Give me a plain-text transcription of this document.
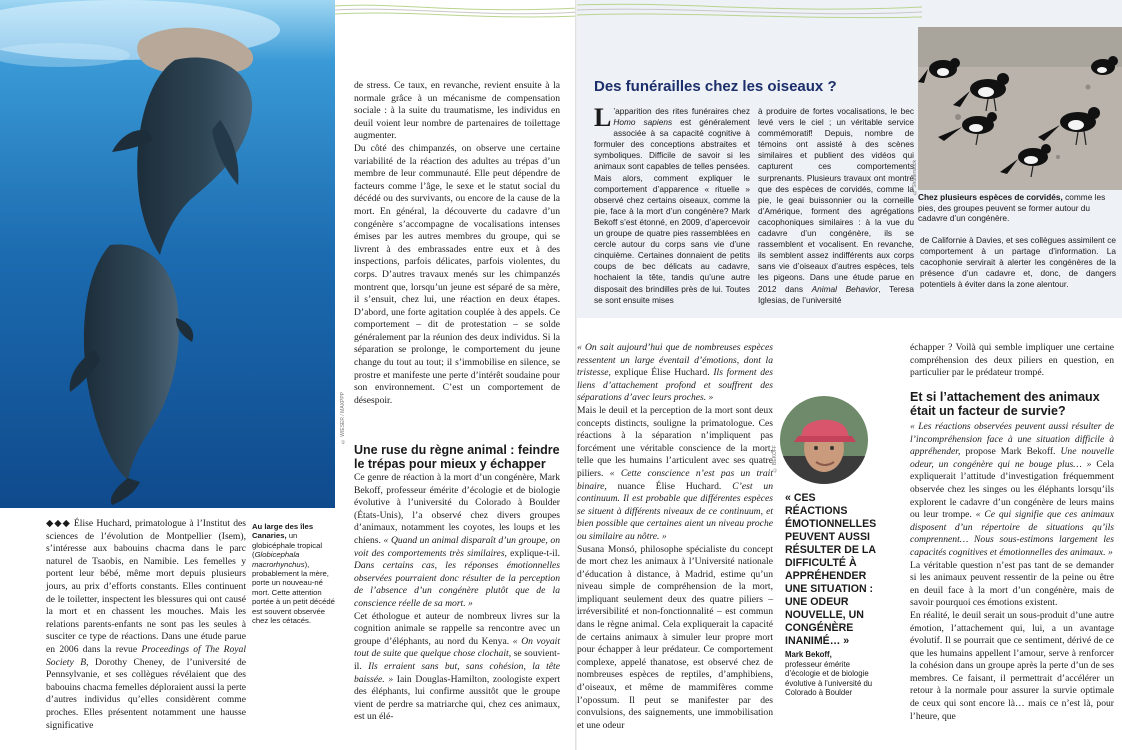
© WIESER / MAXPPP
Des funérailles chez les oiseaux ?
L ’apparition des rites funéraires chez Homo sapiens est généralement associée à sa capacité cognitive à formuler des conceptions abstraites et symboliques. Difficile de savoir si les animaux sont capables de telles pensées. Mais alors, comment expliquer le comportement d’apparence « rituelle » observé chez certains oiseaux, comme la pie, face à la mort d’un congénère? Mark Bekoff s’est étonné, en 2009, d’apercevoir un groupe de quatre pies rassemblées en cercle autour du corps sans vie d’une cinquième. Certaines donnaient de petits coups de bec délicats au cadavre, hochaient la tête, tandis qu’une autre disposait des brindilles près de lui. Toutes se sont ensuite mises
à produire de fortes vocalisations, le bec levé vers le ciel ; un véritable service commémoratif! Depuis, nombre de témoins ont assisté à des scènes similaires et publient des vidéos qui capturent ces comportements surprenants. Plusieurs travaux ont montré que des espèces de corvidés, comme la pie, le geai buissonnier ou la corneille d’Amérique, forment des agrégations cacophoniques similaires : à la vue du cadavre d’un congénère, ils se rassemblent et vocalisent. En revanche, ils semblent assez indifférents aux corps sans vie d’oiseaux d’autres espèces, tels les pigeons. Dans une étude parue en 2012 dans Animal Behavior, Teresa Iglesias, de l’université
© Shutterstock
Chez plusieurs espèces de corvidés, comme les pies, des groupes peuvent se former autour du cadavre d’un congénère.
de Californie à Davies, et ses collègues assimilent ce comportement à un partage d’information. La cacophonie servirait à alerter les congénères de la présence d’un cadavre et, donc, de dangers potentiels à éviter dans la zone alentour.
◆◆◆ Élise Huchard, primatologue à l’Institut des sciences de l’évolution de Montpellier (Isem), s’intéresse aux babouins chacma dans le parc naturel de Tsaobis, en Namibie. Les femelles y portent leur bébé, même mort depuis plusieurs jours, au prix d’efforts constants. Elles continuent de le toiletter, inspectent les blessures qui ont causé la mort et en chassent les mouches. Mais les relations parents-enfants ne sont pas les seules à susciter ce type de réactions. Dans une étude parue en 2006 dans la revue Proceedings of The Royal Society B, Dorothy Cheney, de l’université de Pennsylvanie, et ses collègues révélaient que des babouins chacma femelles déploraient aussi la perte d’autres individus qu’elles considèrent comme proches. Elles présentent notamment une hausse significative
Au large des îles Canaries, un globicéphale tropical (Globicephala macrorhynchus), probablement la mère, porte un nouveau-né mort. Cette attention portée à un petit décédé est souvent observée chez les cétacés.

de stress. Ce taux, en revanche, revient ensuite à la normale grâce à un mécanisme de compensation sociale : à la suite du traumatisme, les individus en deuil voient leur nombre de partenaires de toilettage augmenter.

Du côté des chimpanzés, on observe une certaine variabilité de la réaction des adultes au trépas d’un membre de leur communauté. Elle peut dépendre de facteurs comme l’âge, le sexe et le statut social du décédé ou des survivants, ou encore de la cause de la mort. En général, la découverte du cadavre d’un congénère s’accompagne de vocalisations intenses émises par les autres membres du groupe, qui se livrent à des embrassades entre eux et à des inspections, parfois délicates, parfois violentes, du corps. D’autres travaux menés sur les chimpanzés montrent que, lorsqu’un jeune est séparé de sa mère, il s’ensuit, chez lui, une réaction en deux étapes. D’abord, une forte agitation couplée à des appels. Ce comportement – dit de protestation – se solde généralement par la réunion des deux individus. Si la séparation se prolonge, le comportement du jeune change du tout au tout; il s’immobilise en silence, se prostre et manifeste une perte d’intérêt soudaine pour son environnement. C’est un comportement de désespoir.

Une ruse du règne animal : feindre le trépas pour mieux y échapper

Ce genre de réaction à la mort d’un congénère, Mark Bekoff, professeur émérite d’écologie et de biologie évolutive à l’université du Colorado à Boulder (États-Unis), l’a observé chez divers groupes d’animaux, notamment les coyotes, les loups et les chiens. « Quand un animal disparaît d’un groupe, on voit des comportements très similaires, explique-t-il. Dans certains cas, les réponses émotionnelles observées pourraient donc résulter de la perception de l’absence d’un congénère plutôt que de la conscience réelle de sa mort. »

Cet éthologue et auteur de nombreux livres sur la cognition animale se rappelle sa rencontre avec un groupe d’éléphants, au nord du Kenya. « On voyait tout de suite que quelque chose clochait, se souvient-il. Ils erraient sans but, sans cohésion, la tête baissée. » Iain Douglas-Hamilton, zoologiste expert des éléphants, lui confirme aussitôt que le groupe vient de perdre sa matriarche qui, chez ces animaux, est un élé-

« On sait aujourd’hui que de nombreuses espèces ressentent un large éventail d’émotions, dont la tristesse, explique Élise Huchard. Ils forment des liens d’attachement profond et souffrent des séparations d’avec leurs proches. »

Mais le deuil et la perception de la mort sont deux concepts distincts, souligne la primatologue. Ces réactions à la séparation n’impliquent pas forcément une véritable conscience de la mort, telle que les humains l’articulent avec ses quatre piliers. « Cette conscience n’est pas un trait binaire, nuance Élise Huchard. C’est un continuum. Il est probable que différentes espèces se situent à différents niveaux de ce continuum, et bien possible que certaines aient un niveau proche ou similaire au nôtre. »

Susana Monsó, philosophe spécialiste du concept de mort chez les animaux à l’Université nationale d’éducation à distance, à Madrid, estime qu’un niveau simple de compréhension de la mort, impliquant seulement deux des quatre piliers – irréversibilité et non-fonctionnalité – est commun dans le règne animal. Cela expliquerait la capacité de certains animaux à simuler leur propre mort pour échapper à leur prédateur. Ce comportement complexe, appelé thanatose, est observé chez de nombreuses espèces de reptiles, d’amphibiens, d’oiseaux, et même de mammifères comme l’opossum. Il peut se manifester par des convulsions, des saignements, une immobilisation et une odeur

© BEKOFF
« CES RÉACTIONS ÉMOTIONNELLES PEUVENT AUSSI RÉSULTER DE LA DIFFICULTÉ À APPRÉHENDER UNE SITUATION : UNE ODEUR NOUVELLE, UN CONGÉNÈRE INANIMÉ… »
Mark Bekoff,
professeur émérite d’écologie et de biologie évolutive à l’université du Colorado à Boulder
échapper ? Voilà qui semble impliquer une certaine compréhension des deux piliers en question, en particulier par le prédateur trompé.
Et si l’attachement des animaux était un facteur de survie?

« Les réactions observées peuvent aussi résulter de l’incompréhension face à une situation difficile à appréhender, propose Mark Bekoff. Une nouvelle odeur, un congénère qui ne bouge plus… » Cela expliquerait l’attitude d’investigation fréquemment observée chez les singes ou les éléphants lorsqu’ils explorent le cadavre d’un congénère de leurs mains ou leur trompe. « Ce qui signifie que ces animaux disposent d’un répertoire de situations qu’ils comprennent… Nous sous-estimons largement les capacités cognitives et émotionnelles des animaux. »

La véritable question n’est pas tant de se demander si les animaux peuvent ressentir de la peine ou être en deuil face à la mort d’un congénère, mais de savoir pourquoi ces émotions existent.

En réalité, le deuil serait un sous-produit d’une autre émotion, l’attachement qui, lui, a un avantage évolutif. Il se pourrait que ce sentiment, dérivé de ce que les humains appellent l’amour, serve à renforcer la cohésion dans un groupe après la perte d’un de ses membres. Ce faisant, il permettrait d’accélérer un retour à la normale pour assurer la survie optimale de ceux qui sont encore là… mais ce n’est là, pour l’heure, que
